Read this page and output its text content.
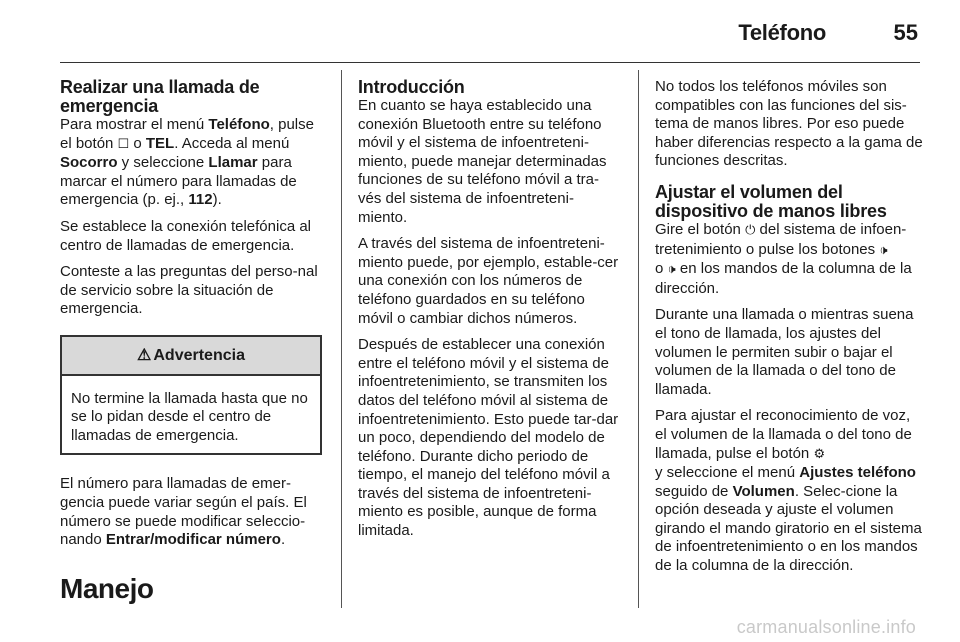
Teléfono	55
Realizar una llamada de emergencia

Para mostrar el menú Teléfono, pulse el botón ☐ o TEL. Acceda al menú Socorro y seleccione Llamar para marcar el número para llamadas de emergencia (p. ej., 112).

Se establece la conexión telefónica al centro de llamadas de emergencia.

Conteste a las preguntas del perso-nal de servicio sobre la situación de emergencia.

⚠ Advertencia
No termine la llamada hasta que no se lo pidan desde el centro de llamadas de emergencia.

El número para llamadas de emer-gencia puede variar según el país. El número se puede modificar seleccio-nando Entrar/modificar número.

Manejo
Introducción

En cuanto se haya establecido una conexión Bluetooth entre su teléfono móvil y el sistema de infoentreteni-miento, puede manejar determinadas funciones de su teléfono móvil a tra-vés del sistema de infoentreteni-miento.

A través del sistema de infoentreteni-miento puede, por ejemplo, estable-cer una conexión con los números de teléfono guardados en su teléfono móvil o cambiar dichos números.

Después de establecer una conexión entre el teléfono móvil y el sistema de infoentretenimiento, se transmiten los datos del teléfono móvil al sistema de infoentretenimiento. Esto puede tar-dar un poco, dependiendo del modelo de teléfono. Durante dicho periodo de tiempo, el manejo del teléfono móvil a través del sistema de infoentreteni-miento es posible, aunque de forma limitada.

No todos los teléfonos móviles son compatibles con las funciones del sis-tema de manos libres. Por eso puede haber diferencias respecto a la gama de funciones descritas.

Ajustar el volumen del dispositivo de manos libres

Gire el botón ⏻ del sistema de infoen-tretenimiento o pulse los botones 🕩
o 🕩 en los mandos de la columna de la dirección.

Durante una llamada o mientras suena el tono de llamada, los ajustes del volumen le permiten subir o bajar el volumen de la llamada o del tono de llamada.

Para ajustar el reconocimiento de voz, el volumen de la llamada o del tono de llamada, pulse el botón ⚙
y seleccione el menú Ajustes teléfono seguido de Volumen. Selec-cione la opción deseada y ajuste el volumen girando el mando giratorio en el sistema de infoentretenimiento o en los mandos de la columna de la dirección.

carmanualsonline.info
